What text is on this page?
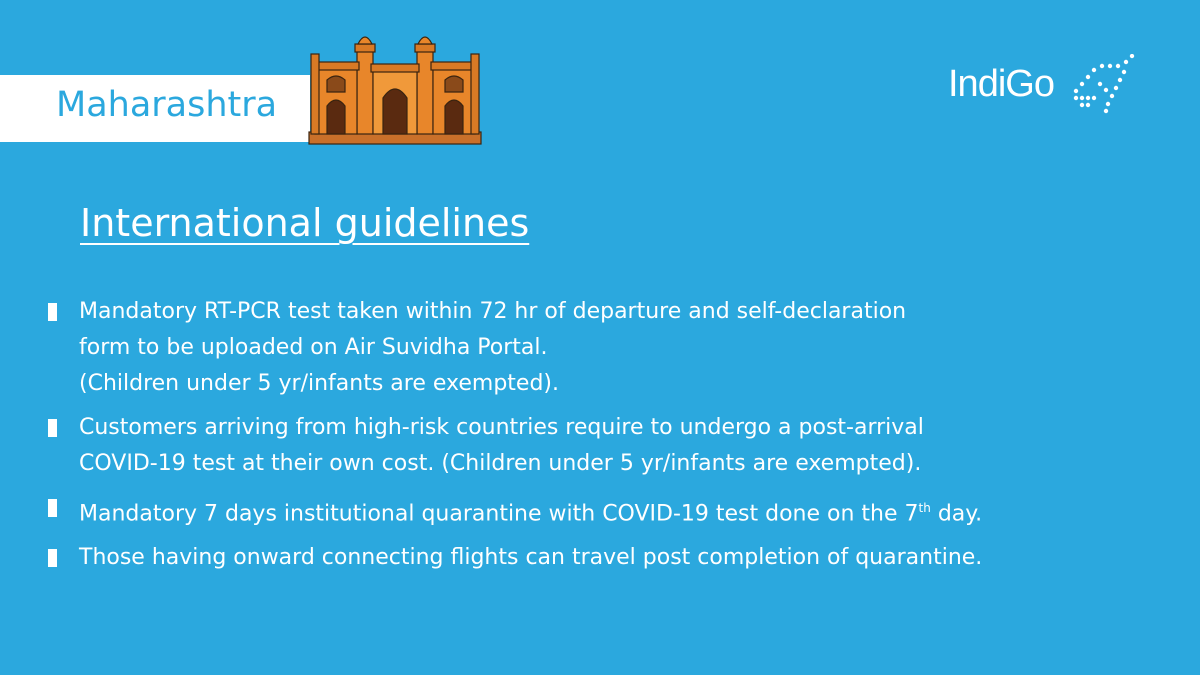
Maharashtra
IndiGo
International guidelines
Mandatory RT-PCR test taken within 72 hr of departure and self-declaration
form to be uploaded on Air Suvidha Portal.
(Children under 5 yr/infants are exempted).
Customers arriving from high-risk countries require to undergo a post-arrival
COVID-19 test at their own cost. (Children under 5 yr/infants are exempted).
Mandatory 7 days institutional quarantine with COVID-19 test done on the 7th day.
Those having onward connecting flights can travel post completion of quarantine.
